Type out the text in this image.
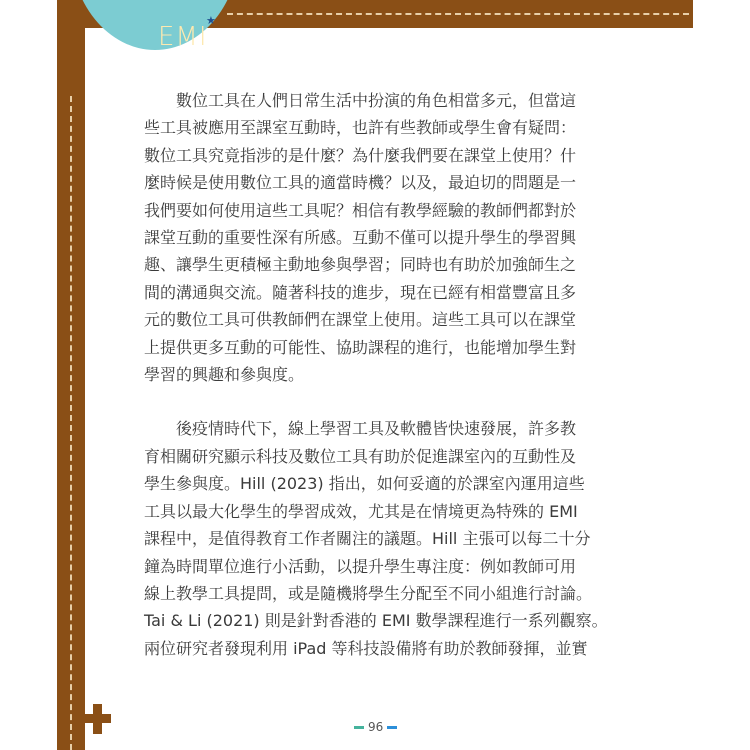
EMI
★

數位工具在人們日常生活中扮演的角色相當多元，但當這
些工具被應用至課室互動時，也許有些教師或學生會有疑問：
數位工具究竟指涉的是什麼？為什麼我們要在課堂上使用？什
麼時候是使用數位工具的適當時機？以及，最迫切的問題是一
我們要如何使用這些工具呢？相信有教學經驗的教師們都對於
課堂互動的重要性深有所感。互動不僅可以提升學生的學習興
趣、讓學生更積極主動地參與學習；同時也有助於加強師生之
間的溝通與交流。隨著科技的進步，現在已經有相當豐富且多
元的數位工具可供教師們在課堂上使用。這些工具可以在課堂
上提供更多互動的可能性、協助課程的進行，也能增加學生對
學習的興趣和參與度。

後疫情時代下，線上學習工具及軟體皆快速發展，許多教
育相關研究顯示科技及數位工具有助於促進課室內的互動性及
學生參與度。Hill (2023) 指出，如何妥適的於課室內運用這些
工具以最大化學生的學習成效，尤其是在情境更為特殊的 EMI
課程中，是值得教育工作者關注的議題。Hill 主張可以每二十分
鐘為時間單位進行小活動，以提升學生專注度：例如教師可用
線上教學工具提問，或是隨機將學生分配至不同小組進行討論。
Tai & Li (2021) 則是針對香港的 EMI 數學課程進行一系列觀察。
兩位研究者發現利用 iPad 等科技設備將有助於教師發揮，並實

96
